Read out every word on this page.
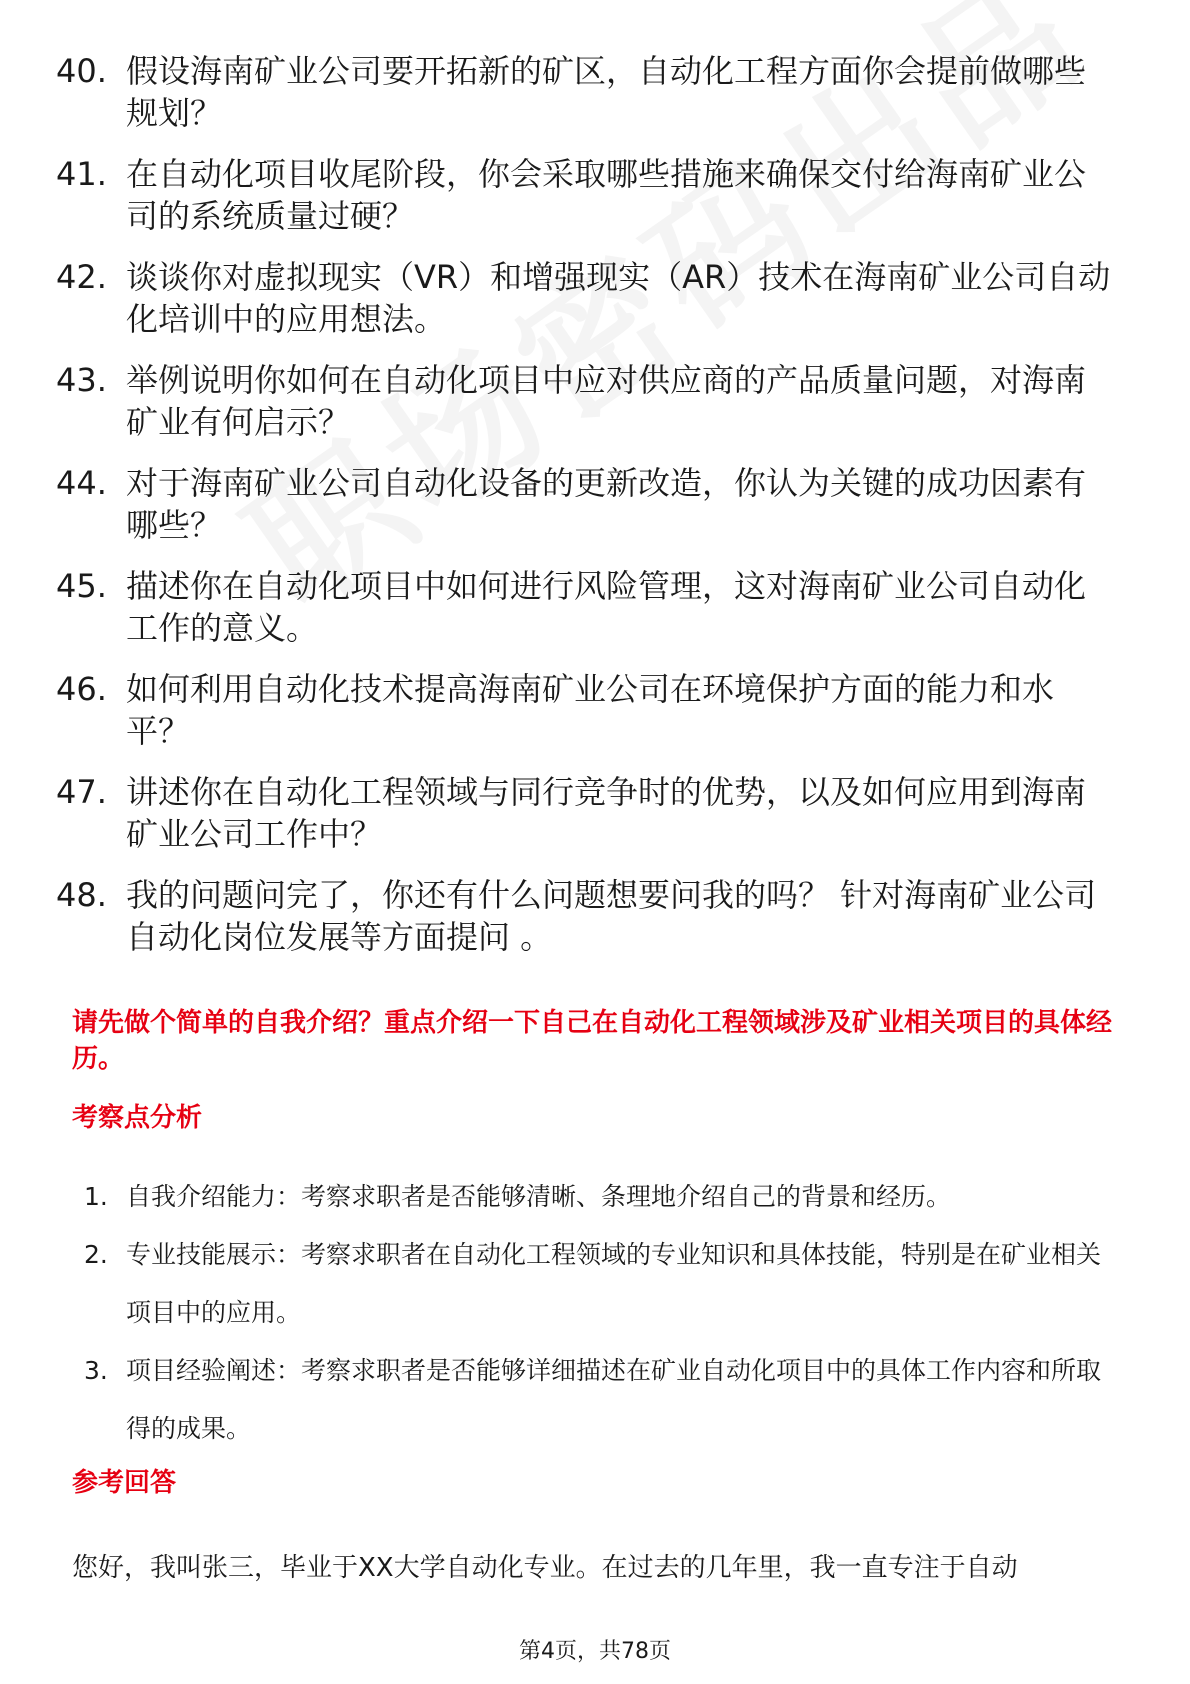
40. 假设海南矿业公司要开拓新的矿区，自动化工程方面你会提前做哪些规划？
41. 在自动化项目收尾阶段，你会采取哪些措施来确保交付给海南矿业公司的系统质量过硬？
42. 谈谈你对虚拟现实（VR）和增强现实（AR）技术在海南矿业公司自动化培训中的应用想法。
43. 举例说明你如何在自动化项目中应对供应商的产品质量问题，对海南矿业有何启示？
44. 对于海南矿业公司自动化设备的更新改造，你认为关键的成功因素有哪些？
45. 描述你在自动化项目中如何进行风险管理，这对海南矿业公司自动化工作的意义。
46. 如何利用自动化技术提高海南矿业公司在环境保护方面的能力和水平？
47. 讲述你在自动化工程领域与同行竞争时的优势，以及如何应用到海南矿业公司工作中？
48. 我的问题问完了，你还有什么问题想要问我的吗？ 针对海南矿业公司自动化岗位发展等方面提问 。
请先做个简单的自我介绍？重点介绍一下自己在自动化工程领域涉及矿业相关项目的具体经历。
考察点分析
1. 自我介绍能力：考察求职者是否能够清晰、条理地介绍自己的背景和经历。
2. 专业技能展示：考察求职者在自动化工程领域的专业知识和具体技能，特别是在矿业相关项目中的应用。
3. 项目经验阐述：考察求职者是否能够详细描述在矿业自动化项目中的具体工作内容和所取得的成果。
参考回答
您好，我叫张三，毕业于XX大学自动化专业。在过去的几年里，我一直专注于自动
第4页，共78页
